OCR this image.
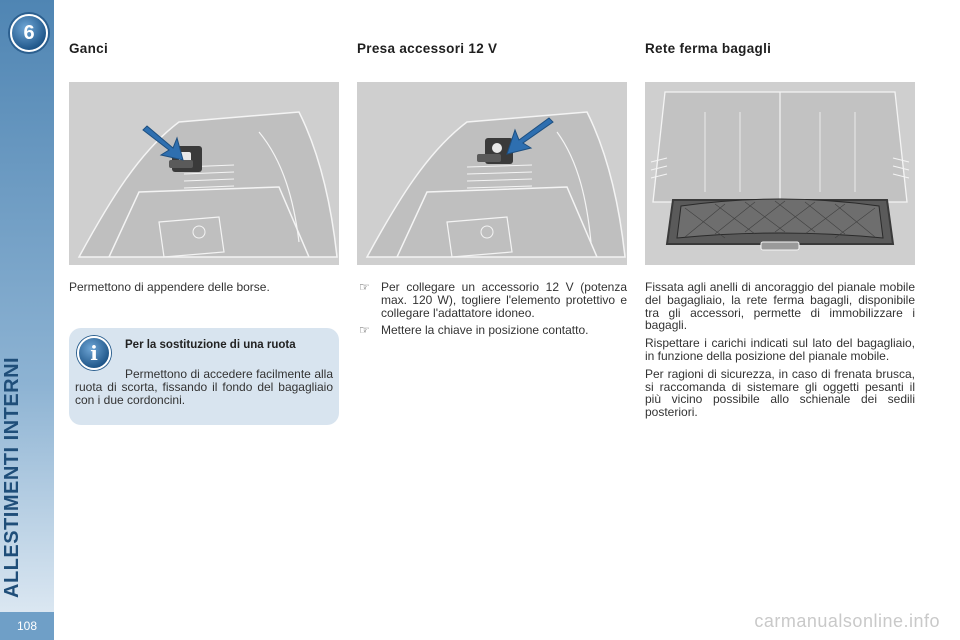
6
ALLESTIMENTI INTERNI
108
Ganci

Permettono di appendere delle borse.

i	Per la sostituzione di una ruota
Permettono di accedere facilmente alla ruota di scorta, fissando il fondo del bagagliaio con i due cordoncini.
Presa accessori 12 V
☞ Per collegare un accessorio 12 V (potenza max. 120 W), togliere l'elemento protettivo e collegare l'adattatore idoneo.
☞ Mettere la chiave in posizione contatto.
Rete ferma bagagli

Fissata agli anelli di ancoraggio del pianale mobile del bagagliaio, la rete ferma bagagli, disponibile tra gli accessori, permette di immobilizzare i bagagli.

Rispettare i carichi indicati sul lato del bagagliaio, in funzione della posizione del pianale mobile.

Per ragioni di sicurezza, in caso di frenata brusca, si raccomanda di sistemare gli oggetti pesanti il più vicino possibile allo schienale dei sedili posteriori.

carmanualsonline.info
